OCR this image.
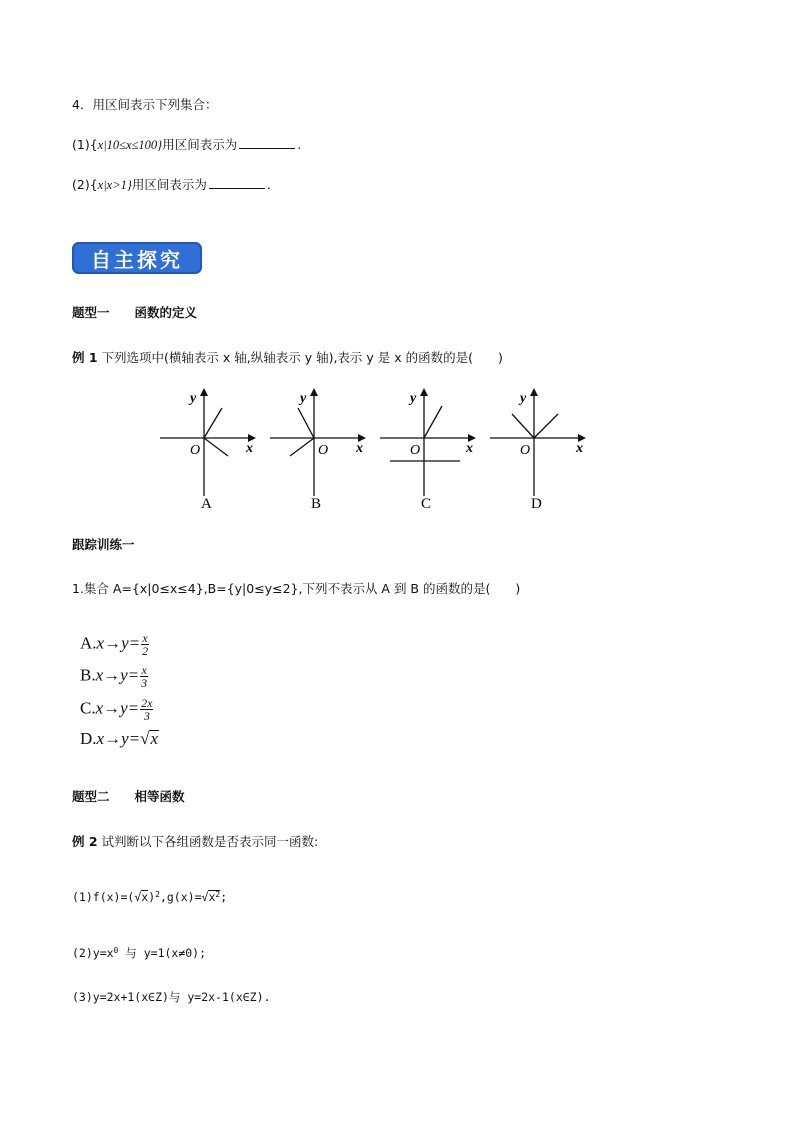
4．用区间表示下列集合：
(1){x|10≤x≤100}用区间表示为	.
(2){x|x>1}用区间表示为	.
自主探究
题型一　　函数的定义
例 1 下列选项中(横轴表示 x 轴,纵轴表示 y 轴),表示 y 是 x 的函数的是(　　)
y
x
O
A
y
x
O
B
y
x
O
C
y
x
O
D
跟踪训练一
1.集合 A={x|0≤x≤4},B={y|0≤y≤2},下列不表示从 A 到 B 的函数的是(　　)
$A.x\to y= \frac{x}{2}$
$B.x\to y= \frac{x}{3}$
$C.x\to y= \frac{2x}{3}$
D.x→y=√x
题型二　　相等函数
例 2 试判断以下各组函数是否表示同一函数:
$(1)f(x)=(√x)^2,g(x)=√x^2$;
$(2)y=x^0$ 与 y=1(x≠0);
(3)y=2x+1(x∈Z)与 y=2x-1(x∈Z).
